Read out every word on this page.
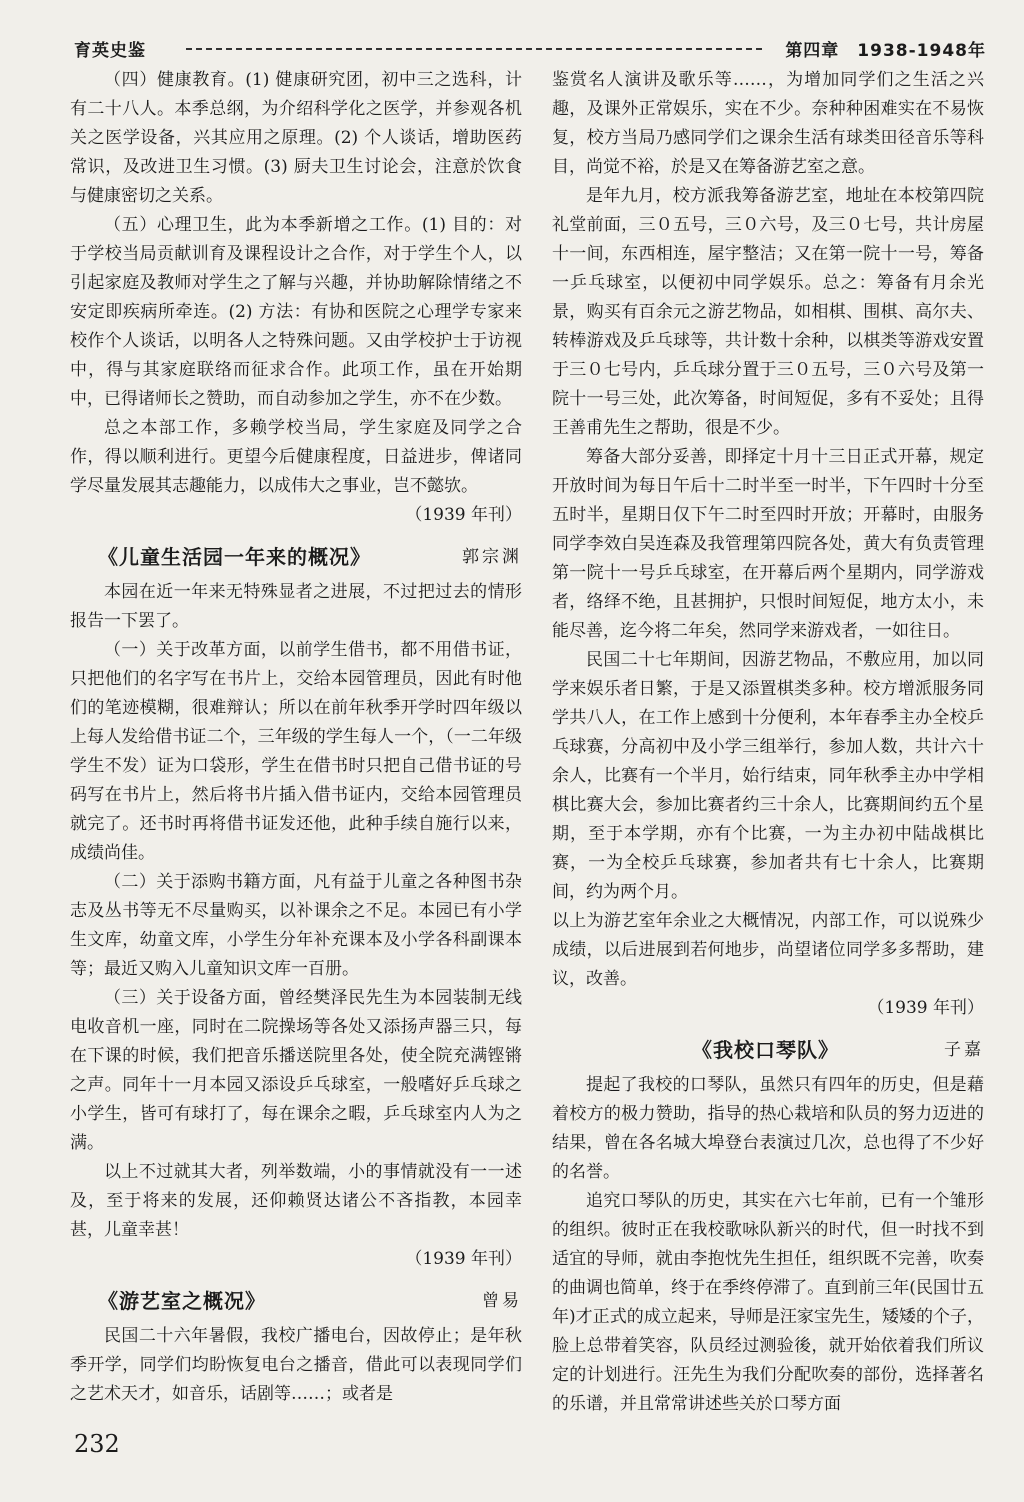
育英史鉴	第四章　1938-1948年

（四）健康教育。(1) 健康研究团，初中三之选科，计有二十八人。本季总纲，为介绍科学化之医学，并参观各机关之医学设备，兴其应用之原理。(2) 个人谈话，增助医药常识，及改进卫生习惯。(3) 厨夫卫生讨论会，注意於饮食与健康密切之关系。

（五）心理卫生，此为本季新增之工作。(1) 目的：对于学校当局贡献训育及课程设计之合作，对于学生个人，以引起家庭及教师对学生之了解与兴趣，并协助解除情绪之不安定即疾病所牵连。(2) 方法：有协和医院之心理学专家来校作个人谈话，以明各人之特殊问题。又由学校护士于访视中，得与其家庭联络而征求合作。此项工作，虽在开始期中，已得诸师长之赞助，而自动参加之学生，亦不在少数。

总之本部工作，多赖学校当局，学生家庭及同学之合作，得以顺利进行。更望今后健康程度，日益进步，俾诸同学尽量发展其志趣能力，以成伟大之事业，岂不懿欤。

（1939 年刊）
《儿童生活园一年来的概况》	郭宗渊

本园在近一年来无特殊显者之进展，不过把过去的情形报告一下罢了。

（一）关于改革方面，以前学生借书，都不用借书证，只把他们的名字写在书片上，交给本园管理员，因此有时他们的笔迹模糊，很难辩认；所以在前年秋季开学时四年级以上每人发给借书证二个，三年级的学生每人一个，（一二年级学生不发）证为口袋形，学生在借书时只把自己借书证的号码写在书片上，然后将书片插入借书证内，交给本园管理员就完了。还书时再将借书证发还他，此种手续自施行以来，成绩尚佳。

（二）关于添购书籍方面，凡有益于儿童之各种图书杂志及丛书等无不尽量购买，以补课余之不足。本园已有小学生文库，幼童文库，小学生分年补充课本及小学各科副课本等；最近又购入儿童知识文库一百册。

（三）关于设备方面，曾经樊泽民先生为本园装制无线电收音机一座，同时在二院操场等各处又添扬声器三只，每在下课的时候，我们把音乐播送院里各处，使全院充满铿锵之声。同年十一月本园又添设乒乓球室，一般嗜好乒乓球之小学生，皆可有球打了，每在课余之暇，乒乓球室内人为之满。

以上不过就其大者，列举数端，小的事情就没有一一述及，至于将来的发展，还仰赖贤达诸公不吝指教，本园幸甚，儿童幸甚！

（1939 年刊）
《游艺室之概况》	曾易

民国二十六年暑假，我校广播电台，因故停止；是年秋季开学，同学们均盼恢复电台之播音，借此可以表现同学们之艺术天才，如音乐，话剧等……；或者是

鉴赏名人演讲及歌乐等……，为增加同学们之生活之兴趣，及课外正常娱乐，实在不少。奈种种困难实在不易恢复，校方当局乃感同学们之课余生活有球类田径音乐等科目，尚觉不裕，於是又在筹备游艺室之意。

是年九月，校方派我筹备游艺室，地址在本校第四院礼堂前面，三０五号，三０六号，及三０七号，共计房屋十一间，东西相连，屋宇整洁；又在第一院十一号，筹备一乒乓球室，以便初中同学娱乐。总之：筹备有月余光景，购买有百余元之游艺物品，如相棋、围棋、高尔夫、转棒游戏及乒乓球等，共计数十余种，以棋类等游戏安置于三０七号内，乒乓球分置于三０五号，三０六号及第一院十一号三处，此次筹备，时间短促，多有不妥处；且得王善甫先生之帮助，很是不少。

筹备大部分妥善，即择定十月十三日正式开幕，规定开放时间为每日午后十二时半至一时半，下午四时十分至五时半，星期日仅下午二时至四时开放；开幕时，由服务同学李效白吴连森及我管理第四院各处，黄大有负责管理第一院十一号乒乓球室，在开幕后两个星期内，同学游戏者，络绎不绝，且甚拥护，只恨时间短促，地方太小，未能尽善，迄今将二年矣，然同学来游戏者，一如往日。

民国二十七年期间，因游艺物品，不敷应用，加以同学来娱乐者日繁，于是又添置棋类多种。校方增派服务同学共八人，在工作上感到十分便利，本年春季主办全校乒乓球赛，分高初中及小学三组举行，参加人数，共计六十余人，比赛有一个半月，始行结束，同年秋季主办中学相棋比赛大会，参加比赛者约三十余人，比赛期间约五个星期，至于本学期，亦有个比赛，一为主办初中陆战棋比赛，一为全校乒乓球赛，参加者共有七十余人，比赛期间，约为两个月。

以上为游艺室年余业之大概情况，内部工作，可以说殊少成绩，以后进展到若何地步，尚望诸位同学多多帮助，建议，改善。

（1939 年刊）
《我校口琴队》	子嘉

提起了我校的口琴队，虽然只有四年的历史，但是藉着校方的极力赞助，指导的热心栽培和队员的努力迈进的结果，曾在各名城大埠登台表演过几次，总也得了不少好的名誉。

追究口琴队的历史，其实在六七年前，已有一个雏形的组织。彼时正在我校歌咏队新兴的时代，但一时找不到适宜的导师，就由李抱忱先生担任，组织既不完善，吹奏的曲调也简单，终于在季终停滞了。直到前三年(民国廿五年)才正式的成立起来，导师是汪家宝先生，矮矮的个子，脸上总带着笑容，队员经过测验後，就开始依着我们所议定的计划进行。汪先生为我们分配吹奏的部份，选择著名的乐谱，并且常常讲述些关於口琴方面

232
